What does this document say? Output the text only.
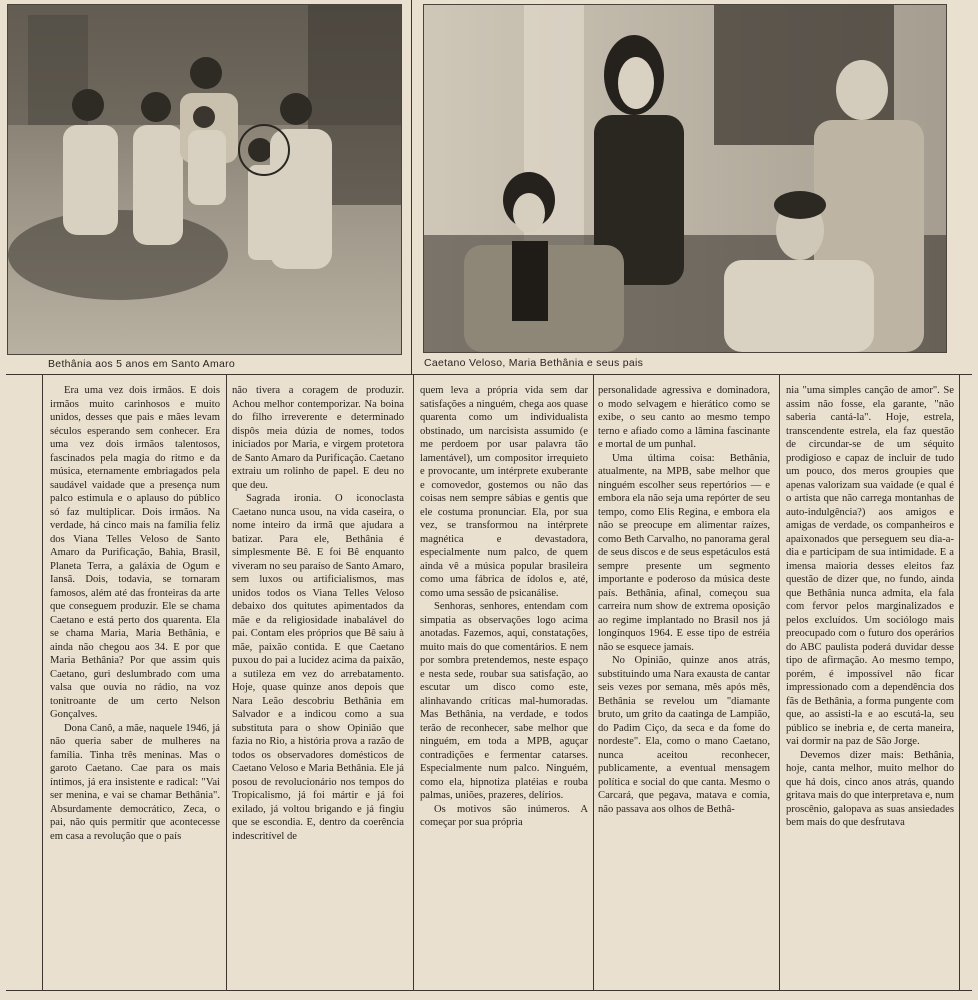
Bethânia aos 5 anos em Santo Amaro	Caetano Veloso, Maria Bethânia e seus pais

Era uma vez dois irmãos. E dois irmãos muito carinhosos e muito unidos, desses que pais e mães levam séculos esperando sem conhecer. Era uma vez dois irmãos talentosos, fascinados pela magia do ritmo e da música, eternamente embriagados pela saudável vaidade que a presença num palco estimula e o aplauso do público só faz multiplicar. Dois irmãos. Na verdade, há cinco mais na família feliz dos Viana Telles Veloso de Santo Amaro da Purificação, Bahia, Brasil, Planeta Terra, a galáxia de Ogum e Iansã. Dois, todavia, se tornaram famosos, além até das fronteiras da arte que conseguem produzir. Ele se chama Caetano e está perto dos quarenta. Ela se chama Maria, Maria Bethânia, e ainda não chegou aos 34. E por que Maria Bethânia? Por que assim quis Caetano, guri deslumbrado com uma valsa que ouvia no rádio, na voz tonitroante de um certo Nelson Gonçalves.

Dona Canô, a mãe, naquele 1946, já não queria saber de mulheres na família. Tinha três meninas. Mas o garoto Caetano. Cae para os mais íntimos, já era insistente e radical: "Vai ser menina, e vai se chamar Bethânia". Absurdamente democrático, Zeca, o pai, não quis permitir que acontecesse em casa a revolução que o país

não tivera a coragem de produzir. Achou melhor contemporizar. Na boina do filho irreverente e determinado dispôs meia dúzia de nomes, todos iniciados por Maria, e virgem protetora de Santo Amaro da Purificação. Caetano extraiu um rolinho de papel. E deu no que deu.

Sagrada ironia. O iconoclasta Caetano nunca usou, na vida caseira, o nome inteiro da irmã que ajudara a batizar. Para ele, Bethânia é simplesmente Bê. E foi Bê enquanto viveram no seu paraíso de Santo Amaro, sem luxos ou artificialismos, mas unidos todos os Viana Telles Veloso debaixo dos quitutes apimentados da mãe e da religiosidade inabalável do pai. Contam eles próprios que Bê saiu à mãe, paixão contida. E que Caetano puxou do pai a lucidez acima da paixão, a sutileza em vez do arrebatamento. Hoje, quase quinze anos depois que Nara Leão descobriu Bethânia em Salvador e a indicou como a sua substituta para o show Opinião que fazia no Rio, a história prova a razão de todos os observadores domésticos de Caetano Veloso e Maria Bethânia. Ele já posou de revolucionário nos tempos do Tropicalismo, já foi mártir e já foi exilado, já voltou brigando e já fingiu que se escondia. E, dentro da coerência indescritível de

quem leva a própria vida sem dar satisfações a ninguém, chega aos quase quarenta como um individualista obstinado, um narcisista assumido (e me perdoem por usar palavra tão lamentável), um compositor irrequieto e provocante, um intérprete exuberante e comovedor, gostemos ou não das coisas nem sempre sábias e gentis que ele costuma pronunciar. Ela, por sua vez, se transformou na intérprete magnética e devastadora, especialmente num palco, de quem ainda vê a música popular brasileira como uma fábrica de ídolos e, até, como uma sessão de psicanálise.

Senhoras, senhores, entendam com simpatia as observações logo acima anotadas. Fazemos, aqui, constatações, muito mais do que comentários. E nem por sombra pretendemos, neste espaço e nesta sede, roubar sua satisfação, ao escutar um disco como este, alinhavando críticas mal-humoradas. Mas Bethânia, na verdade, e todos terão de reconhecer, sabe melhor que ninguém, em toda a MPB, aguçar contradições e fermentar catarses. Especialmente num palco. Ninguém, como ela, hipnotiza platéias e rouba palmas, uniões, prazeres, delírios.

Os motivos são inúmeros. A começar por sua própria

personalidade agressiva e dominadora, o modo selvagem e hierático como se exibe, o seu canto ao mesmo tempo terno e afiado como a lâmina fascinante e mortal de um punhal.

Uma última coisa: Bethânia, atualmente, na MPB, sabe melhor que ninguém escolher seus repertórios — e embora ela não seja uma repórter de seu tempo, como Elis Regina, e embora ela não se preocupe em alimentar raízes, como Beth Carvalho, no panorama geral de seus discos e de seus espetáculos está sempre presente um segmento importante e poderoso da música deste país. Bethânia, afinal, começou sua carreira num show de extrema oposição ao regime implantado no Brasil nos já longínquos 1964. E esse tipo de estréia não se esquece jamais.

No Opinião, quinze anos atrás, substituindo uma Nara exausta de cantar seis vezes por semana, mês após mês, Bethânia se revelou um "diamante bruto, um grito da caatinga de Lampião, do Padim Ciço, da seca e da fome do nordeste". Ela, como o mano Caetano, nunca aceitou reconhecer, publicamente, a eventual mensagem política e social do que canta. Mesmo o Carcará, que pegava, matava e comia, não passava aos olhos de Bethâ-

nia "uma simples canção de amor". Se assim não fosse, ela garante, "não saberia cantá-la". Hoje, estrela, transcendente estrela, ela faz questão de circundar-se de um séquito prodigioso e capaz de incluir de tudo um pouco, dos meros groupies que apenas valorizam sua vaidade (e qual é o artista que não carrega montanhas de auto-indulgência?) aos amigos e amigas de verdade, os companheiros e apaixonados que perseguem seu dia-a-dia e participam de sua intimidade. E a imensa maioria desses eleitos faz questão de dizer que, no fundo, ainda que Bethânia nunca admita, ela fala com fervor pelos marginalizados e pelos excluídos. Um sociólogo mais preocupado com o futuro dos operários do ABC paulista poderá duvidar desse tipo de afirmação. Ao mesmo tempo, porém, é impossível não ficar impressionado com a dependência dos fãs de Bethânia, a forma pungente com que, ao assisti-la e ao escutá-la, seu público se inebria e, de certa maneira, vai dormir na paz de São Jorge.

Devemos dizer mais: Bethânia, hoje, canta melhor, muito melhor do que há dois, cinco anos atrás, quando gritava mais do que interpretava e, num proscênio, galopava as suas ansiedades bem mais do que desfrutava
